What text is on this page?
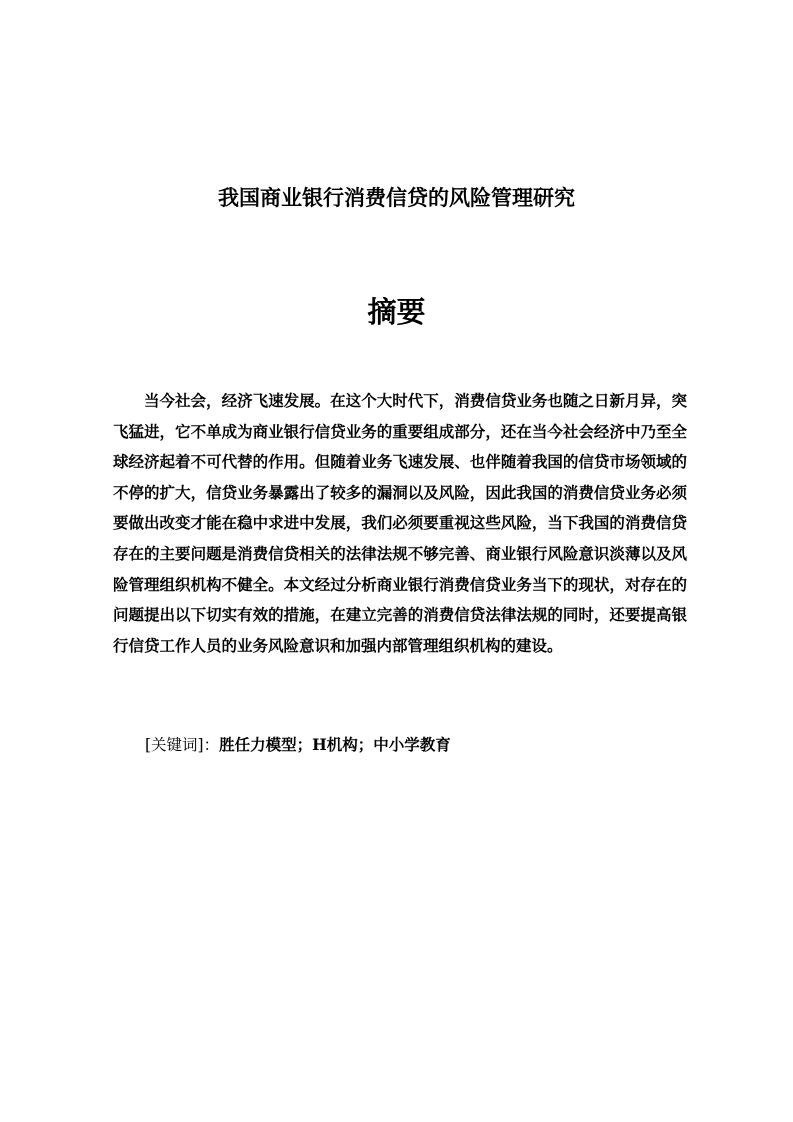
我国商业银行消费信贷的风险管理研究
摘要

当今社会，经济飞速发展。在这个大时代下，消费信贷业务也随之日新月异，突飞猛进，它不单成为商业银行信贷业务的重要组成部分，还在当今社会经济中乃至全球经济起着不可代替的作用。但随着业务飞速发展、也伴随着我国的信贷市场领域的不停的扩大，信贷业务暴露出了较多的漏洞以及风险，因此我国的消费信贷业务必须要做出改变才能在稳中求进中发展，我们必须要重视这些风险，当下我国的消费信贷存在的主要问题是消费信贷相关的法律法规不够完善、商业银行风险意识淡薄以及风险管理组织机构不健全。本文经过分析商业银行消费信贷业务当下的现状，对存在的问题提出以下切实有效的措施，在建立完善的消费信贷法律法规的同时，还要提高银行信贷工作人员的业务风险意识和加强内部管理组织机构的建设。

[关键词]：胜任力模型；H机构；中小学教育
